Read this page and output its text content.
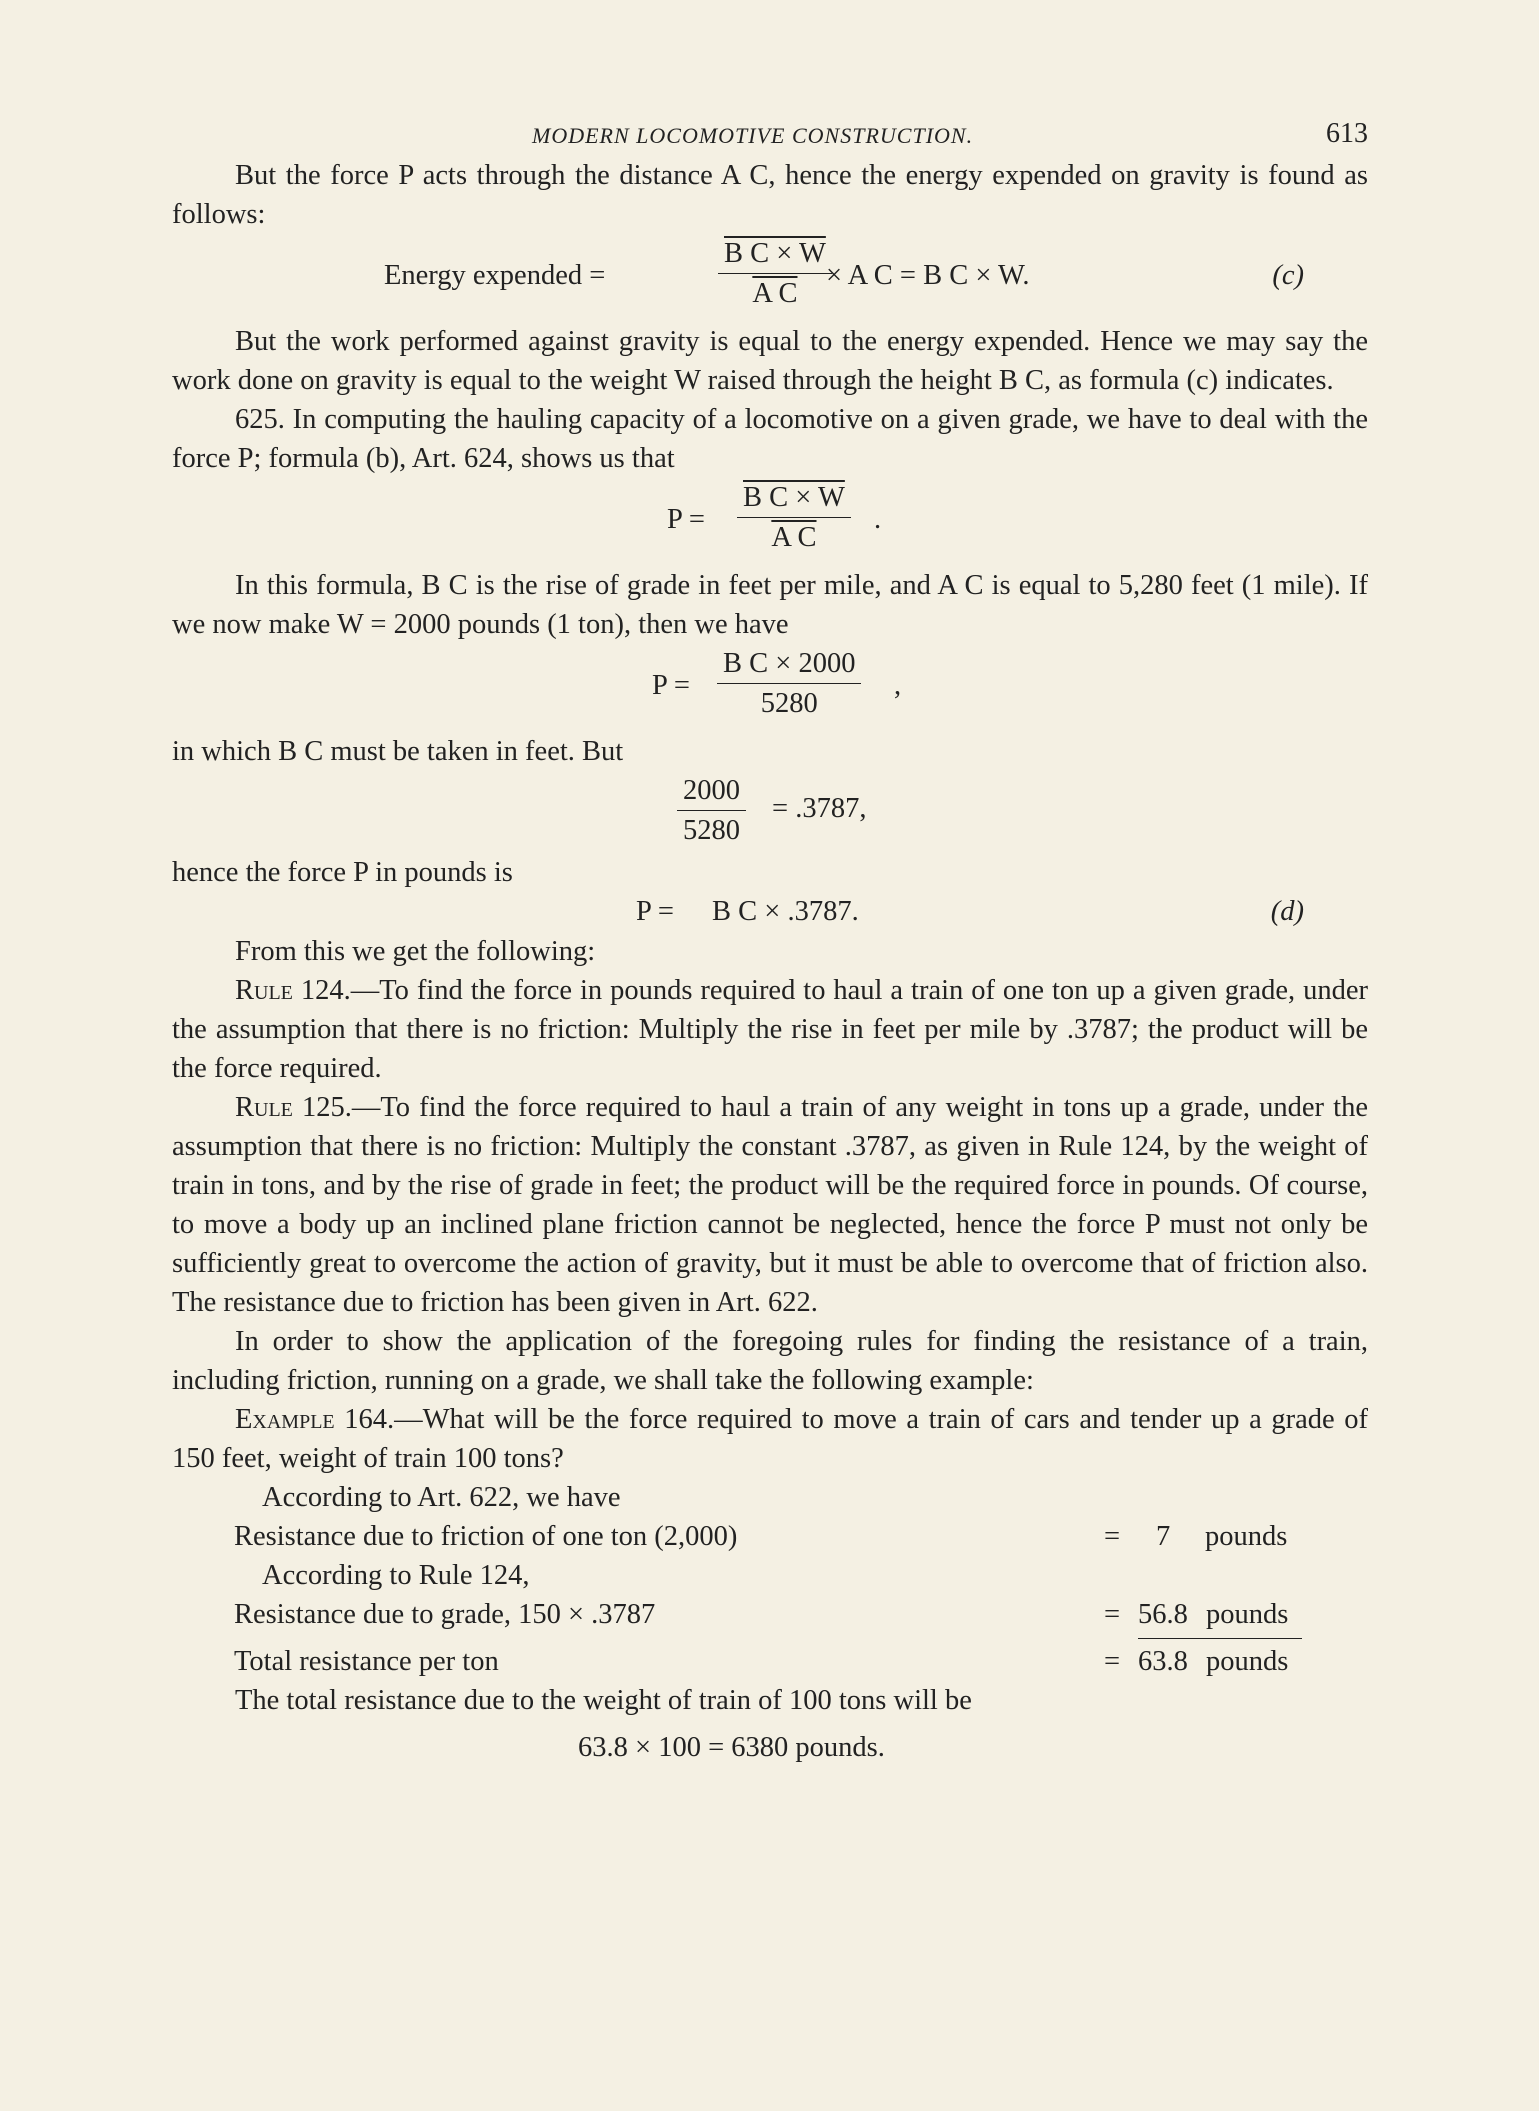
MODERN LOCOMOTIVE CONSTRUCTION.	613

But the force P acts through the distance A C, hence the energy expended on gravity is found as follows:

Energy expended =	$\frac{\text{B C × W}}{\text{A C}}$
× A C = B C × W.	(c)

But the work performed against gravity is equal to the energy expended. Hence we may say the work done on gravity is equal to the weight W raised through the height B C, as formula (c) indicates.

625. In computing the hauling capacity of a locomotive on a given grade, we have to deal with the force P; formula (b), Art. 624, shows us that

$P = \frac{\text{B C × W}}{\text{A C}}$ .

In this formula, B C is the rise of grade in feet per mile, and A C is equal to 5,280 feet (1 mile). If we now make W = 2000 pounds (1 ton), then we have

P =
B C × 2000
5280
,

in which B C must be taken in feet. But

2000
5280
= .3787,

hence the force P in pounds is

P = B C × .3787.	(d)

From this we get the following:

Rule 124.—To find the force in pounds required to haul a train of one ton up a given grade, under the assumption that there is no friction: Multiply the rise in feet per mile by .3787; the product will be the force required.

Rule 125.—To find the force required to haul a train of any weight in tons up a grade, under the assumption that there is no friction: Multiply the constant .3787, as given in Rule 124, by the weight of train in tons, and by the rise of grade in feet; the product will be the required force in pounds. Of course, to move a body up an inclined plane friction cannot be neglected, hence the force P must not only be sufficiently great to overcome the action of gravity, but it must be able to overcome that of friction also. The resistance due to friction has been given in Art. 622.

In order to show the application of the foregoing rules for finding the resistance of a train, including friction, running on a grade, we shall take the following example:

Example 164.—What will be the force required to move a train of cars and tender up a grade of 150 feet, weight of train 100 tons?

According to Art. 622, we have
Resistance due to friction of one ton (2,000)	= 7 pounds
According to Rule 124,
Resistance due to grade, 150 × .3787	= 56.8 pounds
Total resistance per ton	= 63.8 pounds

The total resistance due to the weight of train of 100 tons will be

63.8 × 100 = 6380 pounds.
